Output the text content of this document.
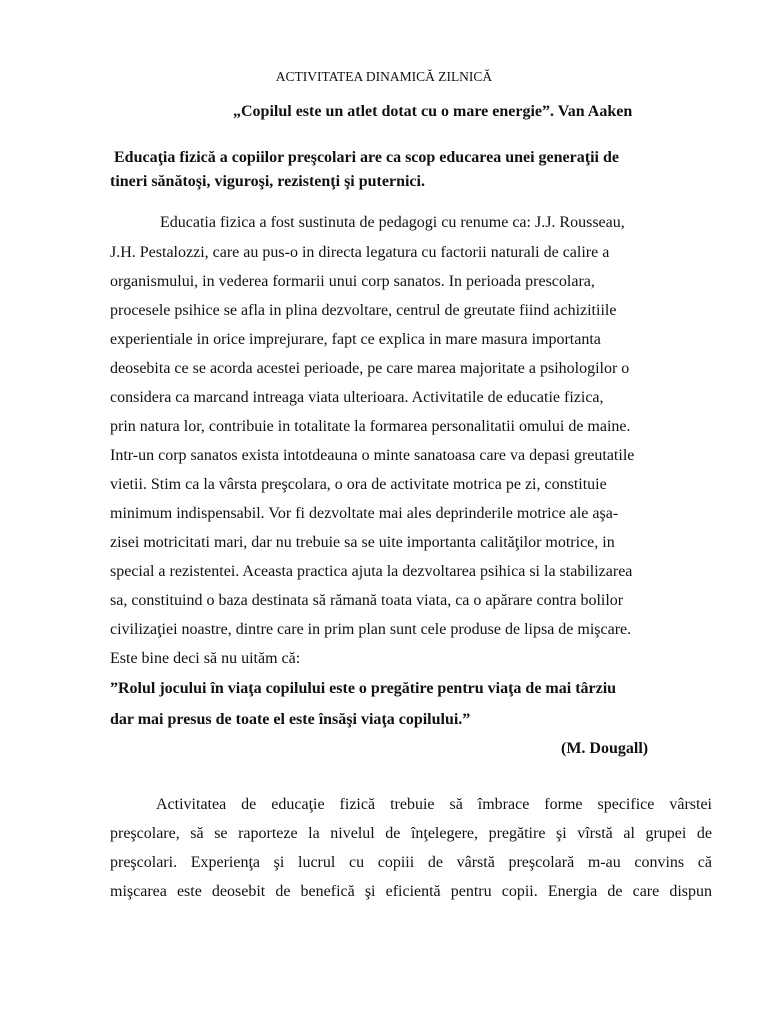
ACTIVITATEA DINAMICĂ ZILNICĂ
„Copilul este un atlet dotat cu o mare energie”. Van Aaken
Educaţia fizică a copiilor preşcolari are ca scop educarea unei generaţii de
tineri sănătoşi, viguroşi, rezistenţi şi puternici.
Educatia fizica a fost sustinuta de pedagogi cu renume ca: J.J. Rousseau,
J.H. Pestalozzi, care au pus-o in directa legatura cu factorii naturali de calire a
organismului, in vederea formarii unui corp sanatos. In perioada prescolara,
procesele psihice se afla in plina dezvoltare, centrul de greutate fiind achizitiile
experientiale in orice imprejurare, fapt ce explica in mare masura importanta
deosebita ce se acorda acestei perioade, pe care marea majoritate a psihologilor o
considera ca marcand intreaga viata ulterioara. Activitatile de educatie fizica,
prin natura lor, contribuie in totalitate la formarea personalitatii omului de maine.
Intr-un corp sanatos exista intotdeauna o minte sanatoasa care va depasi greutatile
vietii. Stim ca la vârsta preşcolara, o ora de activitate motrica pe zi, constituie
minimum indispensabil. Vor fi dezvoltate mai ales deprinderile motrice ale aşa-
zisei motricitati mari, dar nu trebuie sa se uite importanta calităţilor motrice, in
special a rezistentei. Aceasta practica ajuta la dezvoltarea psihica si la stabilizarea
sa, constituind o baza destinata să rămană toata viata, ca o apărare contra bolilor
civilizaţiei noastre, dintre care in prim plan sunt cele produse de lipsa de mişcare.
Este bine deci să nu uităm că:
”Rolul jocului în viaţa copilului este o pregătire pentru viaţa de mai târziu
dar mai presus de toate el este însăşi viaţa copilului.”
(M. Dougall)
Activitatea de educaţie fizică trebuie să îmbrace forme specifice vârstei
preşcolare, să se raporteze la nivelul de înţelegere, pregătire şi vîrstă al grupei de
preşcolari. Experienţa şi lucrul cu copiii de vârstă preşcolară m-au convins că
mişcarea este deosebit de benefică şi eficientă pentru copii. Energia de care dispun
